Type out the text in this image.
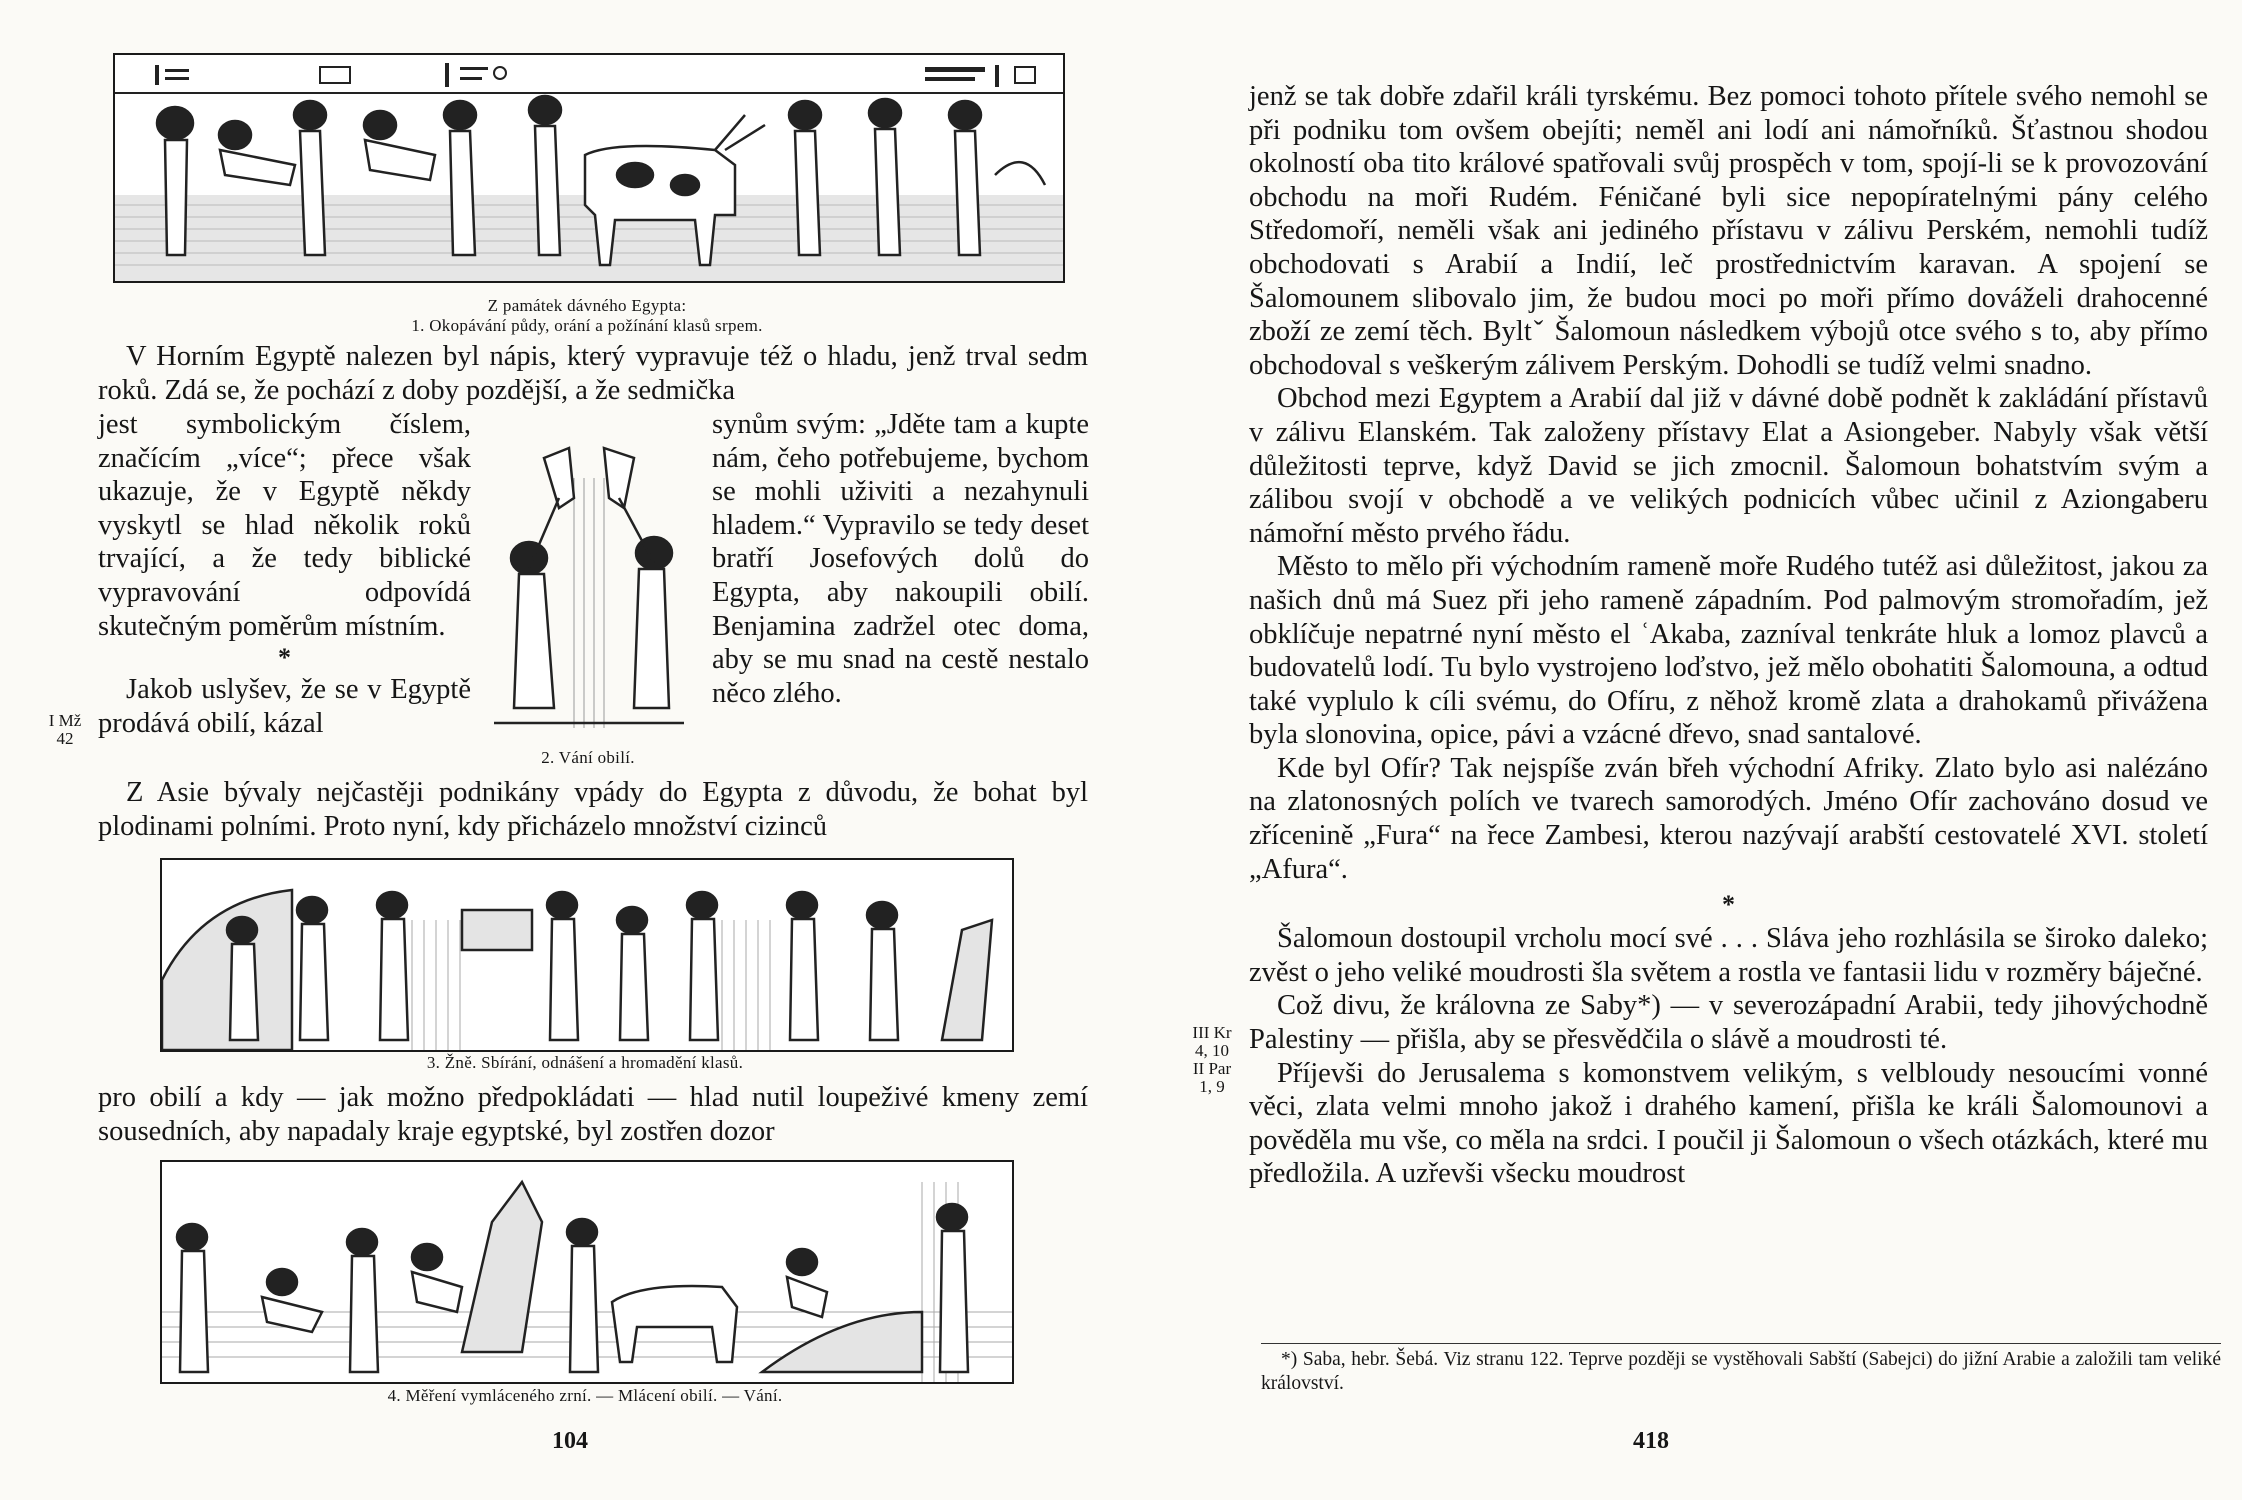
Z památek dávného Egypta:
1. Okopávání půdy, orání a požínání klasů srpem.
V Horním Egyptě nalezen byl nápis, který vypravuje též o hladu, jenž trval sedm roků. Zdá se, že pochází z doby pozdější, a že sedmička
jest symbolickým číslem, značícím „více“; přece však ukazuje, že v Egyptě někdy vyskytl se hlad několik roků trvající, a že tedy biblické vypravování odpovídá skutečným poměrům místním.
*
Jakob uslyšev, že se v Egyptě prodává obilí, kázal
synům svým: „Jděte tam a kupte nám, čeho potřebujeme, bychom se mohli uživiti a nezahynuli hladem.“ Vypravilo se tedy deset bratří Josefových dolů do Egypta, aby nakoupili obilí. Benjamina zadržel otec doma, aby se mu snad na cestě nestalo něco zlého.
I Mž
42
2. Vání obilí.
Z Asie bývaly nejčastěji podnikány vpády do Egypta z důvodu, že bohat byl plodinami polními. Proto nyní, kdy přicházelo množství cizinců
3. Žně. Sbírání, odnášení a hromadění klasů.
pro obilí a kdy — jak možno předpokládati — hlad nutil loupeživé kmeny zemí sousedních, aby napadaly kraje egyptské, byl zostřen dozor
4. Měření vymláceného zrní. — Mlácení obilí. — Vání.
104

jenž se tak dobře zdařil králi tyrskému. Bez pomoci tohoto přítele svého nemohl se při podniku tom ovšem obejíti; neměl ani lodí ani námořníků. Šťastnou shodou okolností oba tito králové spatřovali svůj prospěch v tom, spojí-li se k provozování obchodu na moři Rudém. Féničané byli sice nepopíratelnými pány celého Středomoří, neměli však ani jediného přístavu v zálivu Perském, nemohli tudíž obchodovati s Arabií a Indií, leč prostřednictvím karavan. A spojení se Šalomounem slibovalo jim, že budou moci po moři přímo dováželi drahocenné zboží ze zemí těch. Byltˇ Šalomoun následkem výbojů otce svého s to, aby přímo obchodoval s veškerým zálivem Perským. Dohodli se tudíž velmi snadno.

Obchod mezi Egyptem a Arabií dal již v dávné době podnět k zakládání přístavů v zálivu Elanském. Tak založeny přístavy Elat a Asiongeber. Nabyly však větší důležitosti teprve, když David se jich zmocnil. Šalomoun bohatstvím svým a zálibou svojí v obchodě a ve velikých podnicích vůbec učinil z Aziongaberu námořní město prvého řádu.

Město to mělo při východním rameně moře Rudého tutéž asi důležitost, jakou za našich dnů má Suez při jeho rameně západním. Pod palmovým stromořadím, jež obklíčuje nepatrné nyní město el ʿAkaba, zazníval tenkráte hluk a lomoz plavců a budovatelů lodí. Tu bylo vystrojeno loďstvo, jež mělo obohatiti Šalomouna, a odtud také vyplulo k cíli svému, do Ofíru, z něhož kromě zlata a drahokamů přivážena byla slonovina, opice, pávi a vzácné dřevo, snad santalové.

Kde byl Ofír? Tak nejspíše zván břeh východní Afriky. Zlato bylo asi nalézáno na zlatonosných polích ve tvarech samorodých. Jméno Ofír zachováno dosud ve zřícenině „Fura“ na řece Zambesi, kterou nazývají arabští cestovatelé XVI. století „Afura“.

*

Šalomoun dostoupil vrcholu mocí své . . . Sláva jeho rozhlásila se široko daleko; zvěst o jeho veliké moudrosti šla světem a rostla ve fantasii lidu v rozměry báječné.

Což divu, že královna ze Saby*) — v severozápadní Arabii, tedy jihovýchodně Palestiny — přišla, aby se přesvědčila o slávě a moudrosti té.

Příjevši do Jerusalema s komonstvem velikým, s velbloudy nesoucími vonné věci, zlata velmi mnoho jakož i drahého kamení, přišla ke králi Šalomounovi a pověděla mu vše, co měla na srdci. I poučil ji Šalomoun o všech otázkách, které mu předložila. A uzřevši všecku moudrost

III Kr
4, 10
II Par
1, 9
*) Saba, hebr. Šebá. Viz stranu 122. Teprve později se vystěhovali Sabští (Sabejci) do jižní Arabie a založili tam veliké království.
418
